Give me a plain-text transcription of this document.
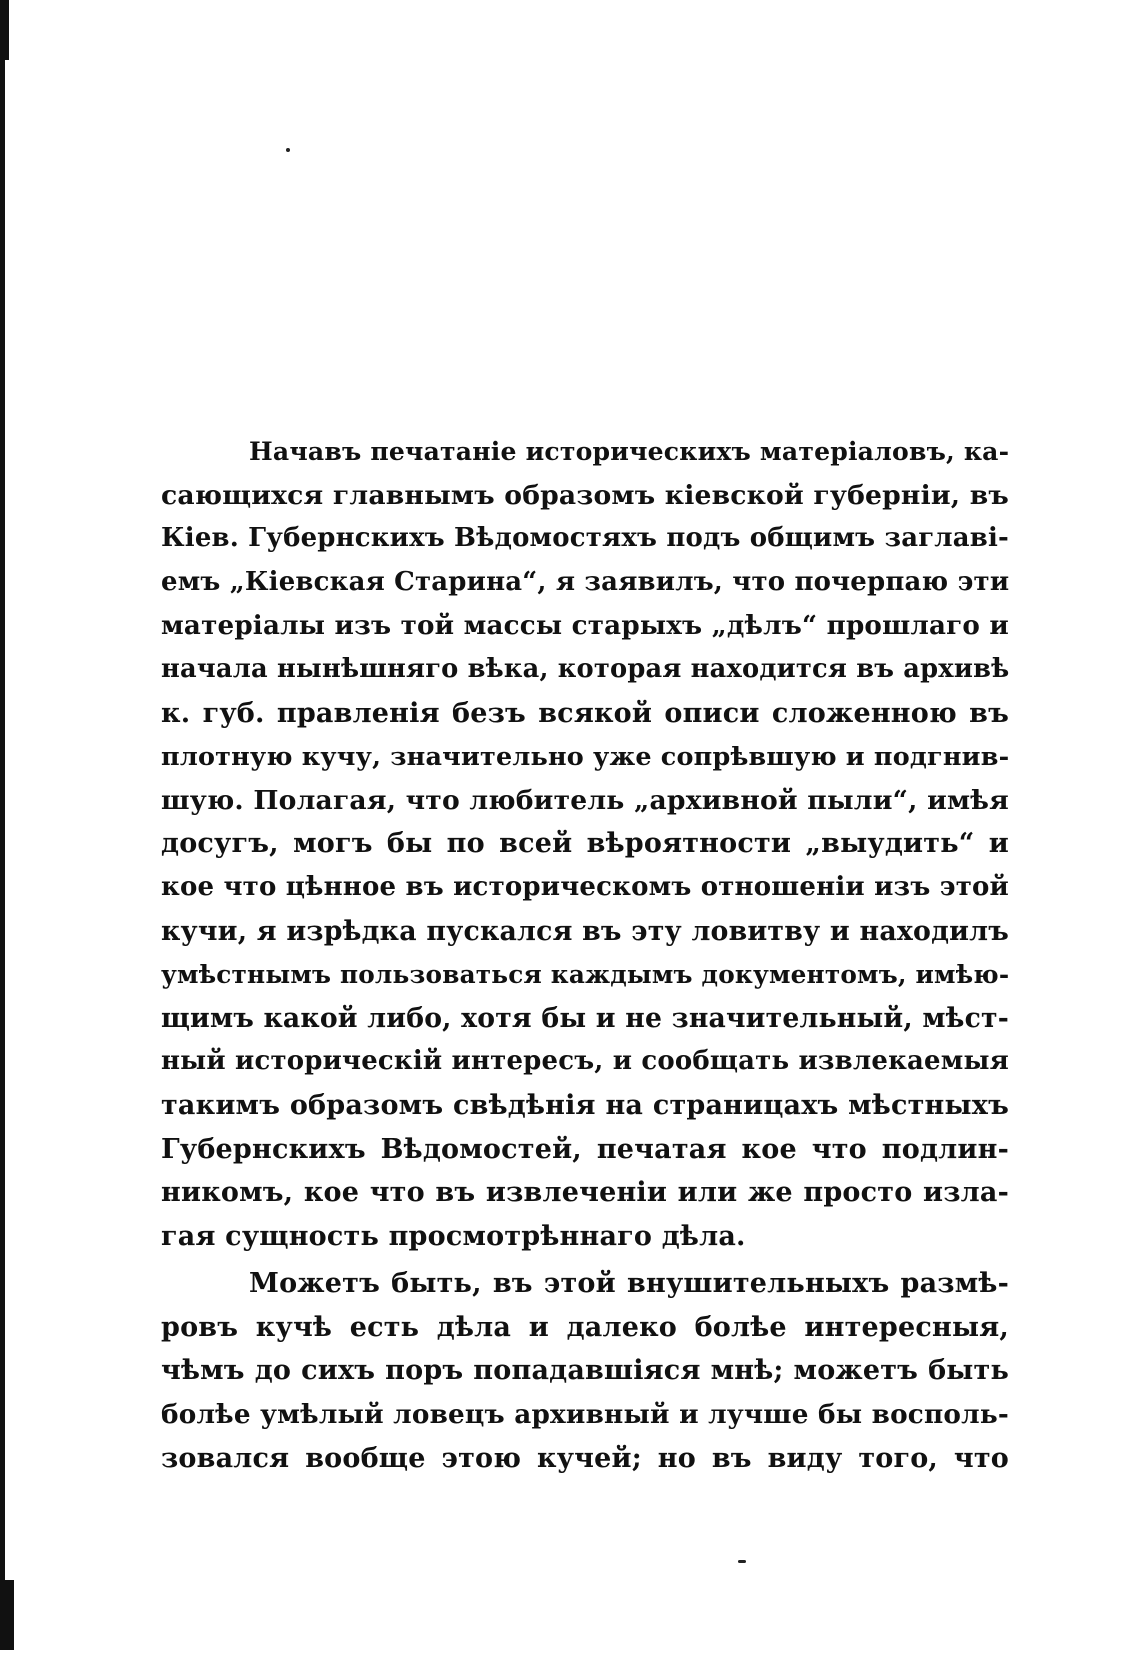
Начавъ печатаніе историческихъ матеріаловъ, ка-
сающихся главнымъ образомъ кіевской губерніи, въ
Кіев. Губернскихъ Вѣдомостяхъ подъ общимъ заглаві-
емъ „Кіевская Старина“, я заявилъ, что почерпаю эти
матеріалы изъ той массы старыхъ „дѣлъ“ прошлаго и
начала нынѣшняго вѣка, которая находится въ архивѣ
к. губ. правленія безъ всякой описи сложенною въ
плотную кучу, значительно уже сопрѣвшую и подгнив-
шую. Полагая, что любитель „архивной пыли“, имѣя
досугъ, могъ бы по всей вѣроятности „выудить“ и
кое что цѣнное въ историческомъ отношеніи изъ этой
кучи, я изрѣдка пускался въ эту ловитву и находилъ
умѣстнымъ пользоваться каждымъ документомъ, имѣю-
щимъ какой либо, хотя бы и не значительный, мѣст-
ный историческій интересъ, и сообщать извлекаемыя
такимъ образомъ свѣдѣнія на страницахъ мѣстныхъ
Губернскихъ Вѣдомостей, печатая кое что подлин-
никомъ, кое что въ извлеченіи или же просто изла-
гая сущность просмотрѣннаго дѣла.
Можетъ быть, въ этой внушительныхъ размѣ-
ровъ кучѣ есть дѣла и далеко болѣе интересныя,
чѣмъ до сихъ поръ попадавшіяся мнѣ; можетъ быть
болѣе умѣлый ловецъ архивный и лучше бы восполь-
зовался вообще этою кучей; но въ виду того, что
